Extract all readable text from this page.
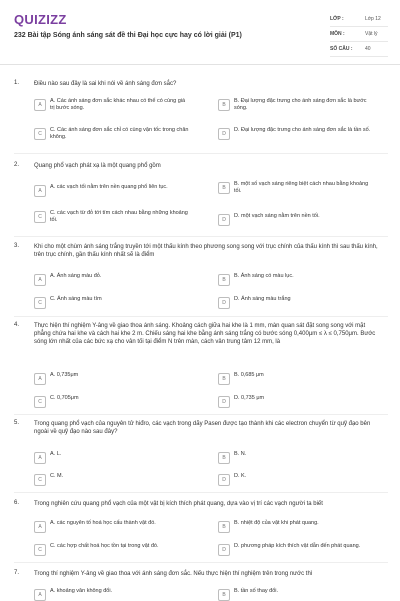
QUIZIZZ
232 Bài tập Sóng ánh sáng sát đề thi Đại học cực hay có lời giải (P1)
LỚP :	Lớp 12
MÔN :	Vật lý
SỐ CÂU :	40
1. Điều nào sau đây là sai khi nói về ánh sáng đơn sắc?
A
A. Các ánh sáng đơn sắc khác nhau có thể có cùng giá trị bước sóng.	B
B. Đại lượng đặc trưng cho ánh sáng đơn sắc là bước sóng.
C
C. Các ánh sáng đơn sắc chỉ có cùng vận tốc trong chân không.	D
D. Đại lượng đặc trưng cho ánh sáng đơn sắc là tần số.
2. Quang phổ vạch phát xạ là một quang phổ gồm
A
A. các vạch tối nằm trên nền quang phổ liên tục.	B
B. một số vạch sáng riêng biệt cách nhau bằng khoảng tối.
C
C. các vạch từ đỏ tới tím cách nhau bằng những khoảng tối.	D
D. một vạch sáng nằm trên nền tối.
3. Khi cho một chùm ánh sáng trắng truyền tới một thấu kính theo phương song song với trục chính của thấu kính thì sau thấu kính, trên trục chính, gần thấu kính nhất sẽ là điểm
A
A. Ánh sáng màu đỏ.
B
B. Ánh sáng có màu lục.
C
C. Ánh sáng màu tím
D
D. Ánh sáng màu trắng
4. Thực hiện thí nghiệm Y-âng về giao thoa ánh sáng. Khoảng cách giữa hai khe là 1 mm, màn quan sát đặt song song với mặt phẳng chứa hai khe và cách hai khe 2 m. Chiếu sáng hai khe bằng ánh sáng trắng có bước sóng 0,400μm ≤ λ ≤ 0,750μm. Bước sóng lớn nhất của các bức xạ cho vân tối tại điểm N trên màn, cách vân trung tâm 12 mm, là
A
A. 0,735μm
B
B. 0,685 μm
C
C. 0,705μm
D
D. 0,735 μm
5. Trong quang phổ vạch của nguyên tử hiđro, các vạch trong dãy Pasen được tạo thành khi các electron chuyển từ quỹ đạo bên ngoài về quỹ đạo nào sau đây?
A
A. L.
B
B. N.
C
C. M.
D
D. K.
6. Trong nghiên cứu quang phổ vạch của một vật bị kích thích phát quang, dựa vào vị trí các vạch người ta biết
A
A. các nguyên tố hoá học cấu thành vật đó.
B
B. nhiệt độ của vật khi phát quang.
C
C. các hợp chất hoá học tồn tại trong vật đó.
D
D. phương pháp kích thích vật dẫn đến phát quang.
7. Trong thí nghiệm Y-âng về giao thoa với ánh sáng đơn sắc. Nếu thực hiện thí nghiệm trên trong nước thì
A
A. khoảng vân không đổi.
B
B. tần số thay đổi.
